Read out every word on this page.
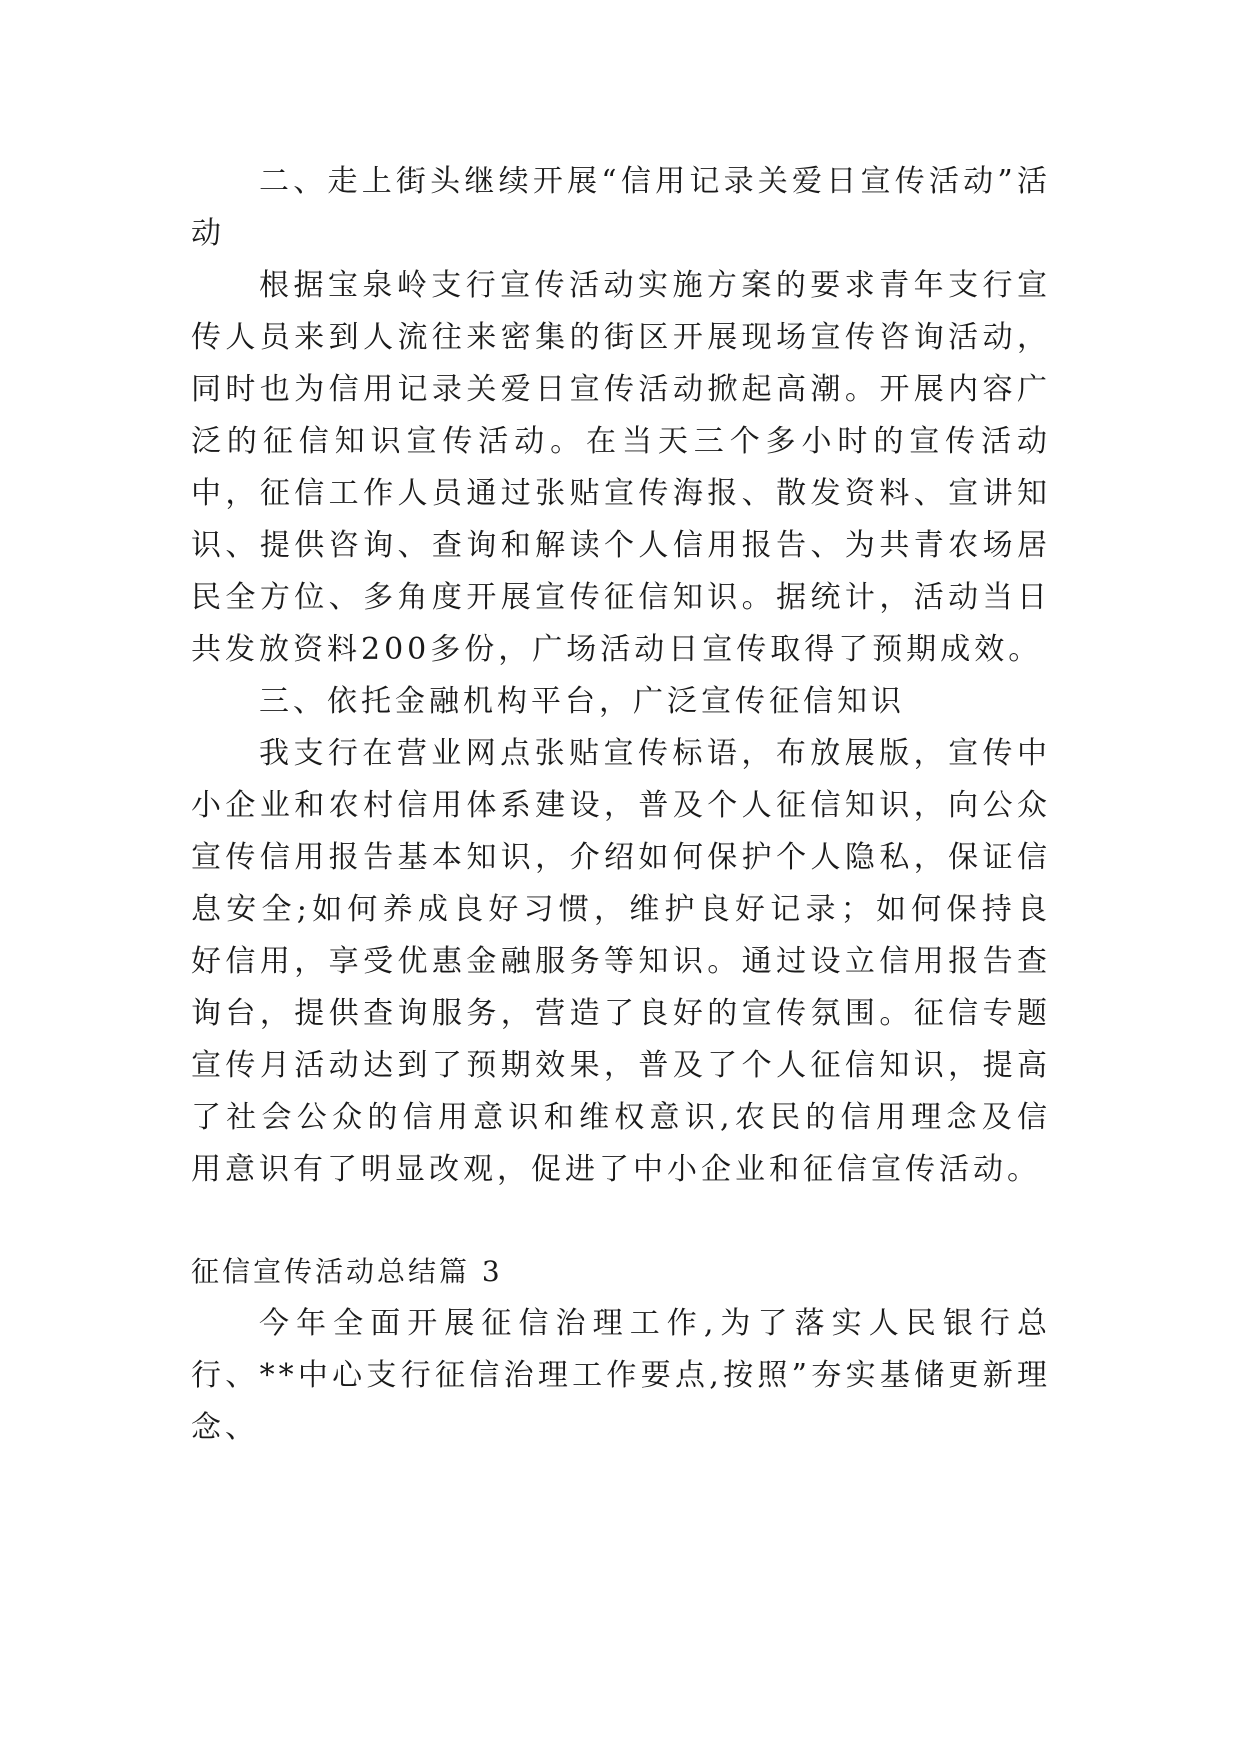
二、走上街头继续开展“信用记录关爱日宣传活动”活动

根据宝泉岭支行宣传活动实施方案的要求青年支行宣传人员来到人流往来密集的街区开展现场宣传咨询活动，同时也为信用记录关爱日宣传活动掀起高潮。开展内容广泛的征信知识宣传活动。在当天三个多小时的宣传活动中，征信工作人员通过张贴宣传海报、散发资料、宣讲知识、提供咨询、查询和解读个人信用报告、为共青农场居民全方位、多角度开展宣传征信知识。据统计，活动当日共发放资料200多份，广场活动日宣传取得了预期成效。

三、依托金融机构平台，广泛宣传征信知识

我支行在营业网点张贴宣传标语，布放展版，宣传中小企业和农村信用体系建设，普及个人征信知识，向公众宣传信用报告基本知识，介绍如何保护个人隐私，保证信息安全;如何养成良好习惯，维护良好记录；如何保持良好信用，享受优惠金融服务等知识。通过设立信用报告查询台，提供查询服务，营造了良好的宣传氛围。征信专题宣传月活动达到了预期效果，普及了个人征信知识，提高了社会公众的信用意识和维权意识,农民的信用理念及信用意识有了明显改观，促进了中小企业和征信宣传活动。

征信宣传活动总结篇 3

今年全面开展征信治理工作,为了落实人民银行总行、**中心支行征信治理工作要点,按照”夯实基储更新理念、
